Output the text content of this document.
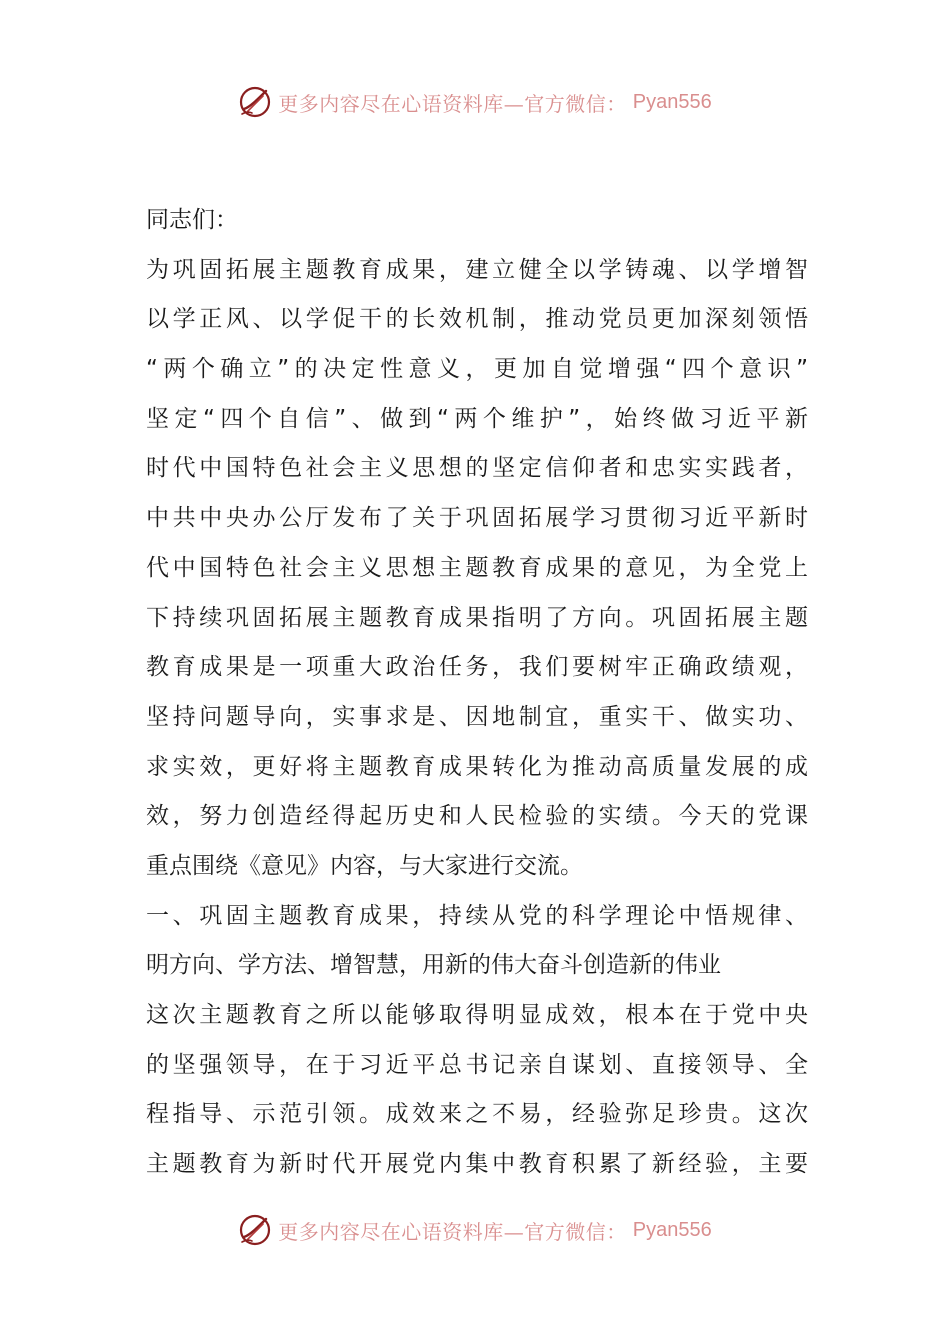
更多内容尽在心语资料库—官方微信： Pyan556
同志们：
为巩固拓展主题教育成果，建立健全以学铸魂、以学增智
以学正风、以学促干的长效机制，推动党员更加深刻领悟
“两个确立”的决定性意义，更加自觉增强“四个意识”
坚定“四个自信”、做到“两个维护”，始终做习近平新
时代中国特色社会主义思想的坚定信仰者和忠实实践者，
中共中央办公厅发布了关于巩固拓展学习贯彻习近平新时
代中国特色社会主义思想主题教育成果的意见，为全党上
下持续巩固拓展主题教育成果指明了方向。巩固拓展主题
教育成果是一项重大政治任务，我们要树牢正确政绩观，
坚持问题导向，实事求是、因地制宜，重实干、做实功、
求实效，更好将主题教育成果转化为推动高质量发展的成
效，努力创造经得起历史和人民检验的实绩。今天的党课
重点围绕《意见》内容，与大家进行交流。
一、巩固主题教育成果，持续从党的科学理论中悟规律、
明方向、学方法、增智慧，用新的伟大奋斗创造新的伟业
这次主题教育之所以能够取得明显成效，根本在于党中央
的坚强领导，在于习近平总书记亲自谋划、直接领导、全
程指导、示范引领。成效来之不易，经验弥足珍贵。这次
主题教育为新时代开展党内集中教育积累了新经验，主要
更多内容尽在心语资料库—官方微信： Pyan556
